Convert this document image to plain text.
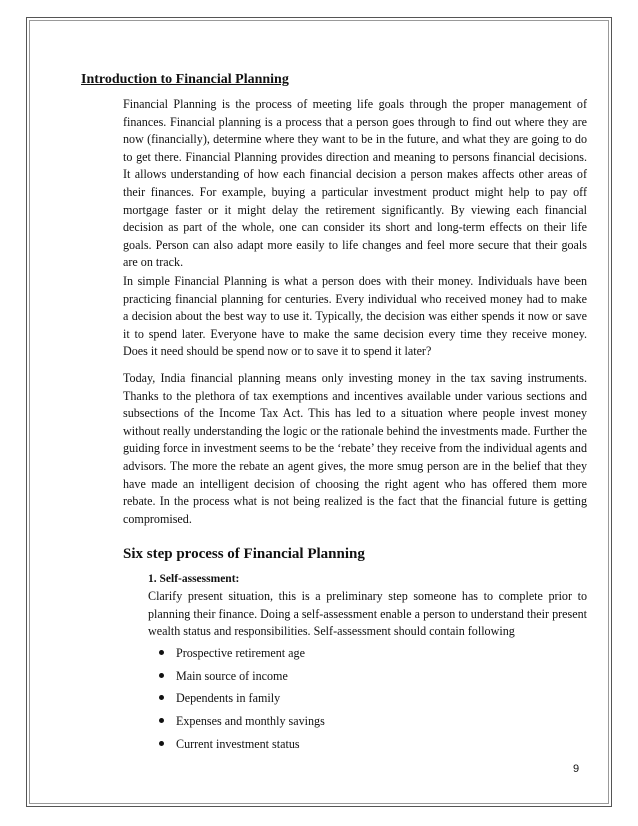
Introduction to Financial Planning

Financial Planning is the process of meeting life goals through the proper management of finances. Financial planning is a process that a person goes through to find out where they are now (financially), determine where they want to be in the future, and what they are going to do to get there. Financial Planning provides direction and meaning to persons financial decisions. It allows understanding of how each financial decision a person makes affects other areas of their finances. For example, buying a particular investment product might help to pay off mortgage faster or it might delay the retirement significantly. By viewing each financial decision as part of the whole, one can consider its short and long-term effects on their life goals. Person can also adapt more easily to life changes and feel more secure that their goals are on track.

In simple Financial Planning is what a person does with their money. Individuals have been practicing financial planning for centuries. Every individual who received money had to make a decision about the best way to use it. Typically, the decision was either spends it now or save it to spend later. Everyone have to make the same decision every time they receive money. Does it need should be spend now or to save it to spend it later?

Today, India financial planning means only investing money in the tax saving instruments. Thanks to the plethora of tax exemptions and incentives available under various sections and subsections of the Income Tax Act. This has led to a situation where people invest money without really understanding the logic or the rationale behind the investments made. Further the guiding force in investment seems to be the ‘rebate’ they receive from the individual agents and advisors. The more the rebate an agent gives, the more smug person are in the belief that they have made an intelligent decision of choosing the right agent who has offered them more rebate. In the process what is not being realized is the fact that the financial future is getting compromised.

Six step process of Financial Planning
1. Self-assessment:

Clarify present situation, this is a preliminary step someone has to complete prior to planning their finance. Doing a self-assessment enable a person to understand their present wealth status and responsibilities. Self-assessment should contain following

Prospective retirement age
Main source of income
Dependents in family
Expenses and monthly savings
Current investment status
9
